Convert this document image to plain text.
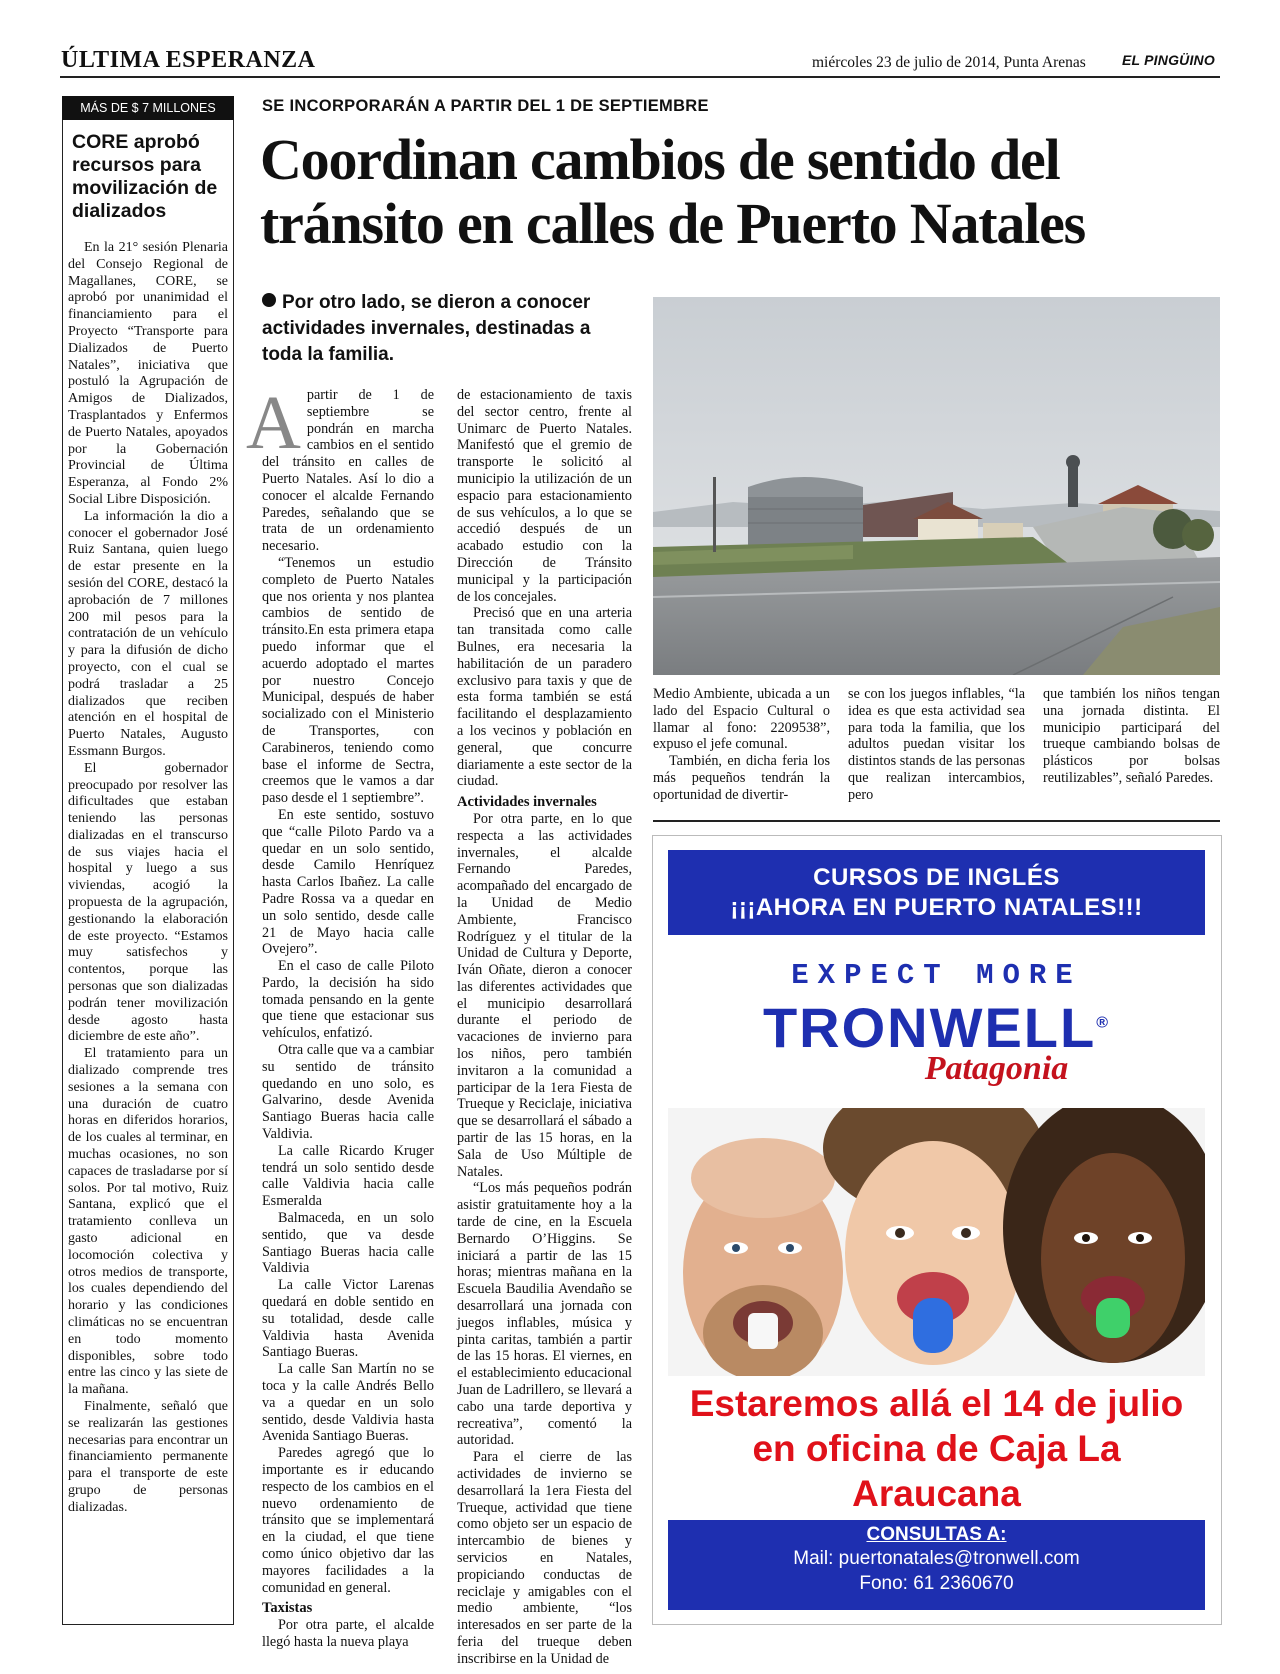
ÚLTIMA ESPERANZA	miércoles 23 de julio de 2014, Punta Arenas	EL PINGÜINO
MÁS DE $ 7 MILLONES
CORE aprobó recursos para movilización de dializados

En la 21° sesión Plenaria del Consejo Regional de Magallanes, CORE, se aprobó por unanimidad el financiamiento para el Proyecto “Transporte para Dializados de Puerto Natales”, iniciativa que postuló la Agrupación de Amigos de Dializados, Trasplantados y Enfermos de Puerto Natales, apoyados por la Gobernación Provincial de Última Esperanza, al Fondo 2% Social Libre Disposición.

La información la dio a conocer el gobernador José Ruiz Santana, quien luego de estar presente en la sesión del CORE, destacó la aprobación de 7 millones 200 mil pesos para la contratación de un vehículo y para la difusión de dicho proyecto, con el cual se podrá trasladar a 25 dializados que reciben atención en el hospital de Puerto Natales, Augusto Essmann Burgos.

El gobernador preocupado por resolver las dificultades que estaban teniendo las personas dializadas en el transcurso de sus viajes hacia el hospital y luego a sus viviendas, acogió la propuesta de la agrupación, gestionando la elaboración de este proyecto. “Estamos muy satisfechos y contentos, porque las personas que son dializadas podrán tener movilización desde agosto hasta diciembre de este año”.

El tratamiento para un dializado comprende tres sesiones a la semana con una duración de cuatro horas en diferidos horarios, de los cuales al terminar, en muchas ocasiones, no son capaces de trasladarse por sí solos. Por tal motivo, Ruiz Santana, explicó que el tratamiento conlleva un gasto adicional en locomoción colectiva y otros medios de transporte, los cuales dependiendo del horario y las condiciones climáticas no se encuentran en todo momento disponibles, sobre todo entre las cinco y las siete de la mañana.

Finalmente, señaló que se realizarán las gestiones necesarias para encontrar un financiamiento permanente para el transporte de este grupo de personas dializadas.

SE INCORPORARÁN A PARTIR DEL 1 DE SEPTIEMBRE
Coordinan cambios de sentido del tránsito en calles de Puerto Natales
Por otro lado, se dieron a conocer actividades invernales, destinadas a toda la familia.

Apartir de 1 de septiembre se pondrán en marcha cambios en el sentido del tránsito en calles de Puerto Natales. Así lo dio a conocer el alcalde Fernando Paredes, señalando que se trata de un ordenamiento necesario.

“Tenemos un estudio completo de Puerto Natales que nos orienta y nos plantea cambios de sentido de tránsito.En esta primera etapa puedo informar que el acuerdo adoptado el martes por nuestro Concejo Municipal, después de haber socializado con el Ministerio de Transportes, con Carabineros, teniendo como base el informe de Sectra, creemos que le vamos a dar paso desde el 1 septiembre”.

En este sentido, sostuvo que “calle Piloto Pardo va a quedar en un solo sentido, desde Camilo Henríquez hasta Carlos Ibañez. La calle Padre Rossa va a quedar en un solo sentido, desde calle 21 de Mayo hacia calle Ovejero”.

En el caso de calle Piloto Pardo, la decisión ha sido tomada pensando en la gente que tiene que estacionar sus vehículos, enfatizó.

Otra calle que va a cambiar su sentido de tránsito quedando en uno solo, es Galvarino, desde Avenida Santiago Bueras hacia calle Valdivia.

La calle Ricardo Kruger tendrá un solo sentido desde calle Valdivia hacia calle Esmeralda

Balmaceda, en un solo sentido, que va desde Santiago Bueras hacia calle Valdivia

La calle Victor Larenas quedará en doble sentido en su totalidad, desde calle Valdivia hasta Avenida Santiago Bueras.

La calle San Martín no se toca y la calle Andrés Bello va a quedar en un solo sentido, desde Valdivia hasta Avenida Santiago Bueras.

Paredes agregó que lo importante es ir educando respecto de los cambios en el nuevo ordenamiento de tránsito que se implementará en la ciudad, el que tiene como único objetivo dar las mayores facilidades a la comunidad en general.

Taxistas

Por otra parte, el alcalde llegó hasta la nueva playa

de estacionamiento de taxis del sector centro, frente al Unimarc de Puerto Natales. Manifestó que el gremio de transporte le solicitó al municipio la utilización de un espacio para estacionamiento de sus vehículos, a lo que se accedió después de un acabado estudio con la Dirección de Tránsito municipal y la participación de los concejales.

Precisó que en una arteria tan transitada como calle Bulnes, era necesaria la habilitación de un paradero exclusivo para taxis y que de esta forma también se está facilitando el desplazamiento a los vecinos y población en general, que concurre diariamente a este sector de la ciudad.

Actividades invernales

Por otra parte, en lo que respecta a las actividades invernales, el alcalde Fernando Paredes, acompañado del encargado de la Unidad de Medio Ambiente, Francisco Rodríguez y el titular de la Unidad de Cultura y Deporte, Iván Oñate, dieron a conocer las diferentes actividades que el municipio desarrollará durante el periodo de vacaciones de invierno para los niños, pero también invitaron a la comunidad a participar de la 1era Fiesta de Trueque y Reciclaje, iniciativa que se desarrollará el sábado a partir de las 15 horas, en la Sala de Uso Múltiple de Natales.

“Los más pequeños podrán asistir gratuitamente hoy a la tarde de cine, en la Escuela Bernardo O’Higgins. Se iniciará a partir de las 15 horas; mientras mañana en la Escuela Baudilia Avendaño se desarrollará una jornada con juegos inflables, música y pinta caritas, también a partir de las 15 horas. El viernes, en el establecimiento educacional Juan de Ladrillero, se llevará a cabo una tarde deportiva y recreativa”, comentó la autoridad.

Para el cierre de las actividades de invierno se desarrollará la 1era Fiesta del Trueque, actividad que tiene como objeto ser un espacio de intercambio de bienes y servicios en Natales, propiciando conductas de reciclaje y amigables con el medio ambiente, “los interesados en ser parte de la feria del trueque deben inscribirse en la Unidad de

Medio Ambiente, ubicada a un lado del Espacio Cultural o llamar al fono: 2209538”, expuso el jefe comunal.

También, en dicha feria los más pequeños tendrán la oportunidad de divertir-

se con los juegos inflables, “la idea es que esta actividad sea para toda la familia, que los adultos puedan visitar los distintos stands de las personas que realizan intercambios, pero

que también los niños tengan una jornada distinta. El municipio participará del trueque cambiando bolsas de plásticos por bolsas reutilizables”, señaló Paredes.

CURSOS DE INGLÉS
¡¡¡AHORA EN PUERTO NATALES!!!
EXPECT MORE
TRONWELL®
Patagonia
Estaremos allá el 14 de julio en oficina de Caja La Araucana
CONSULTAS A:
Mail: puertonatales@tronwell.com
Fono: 61 2360670
